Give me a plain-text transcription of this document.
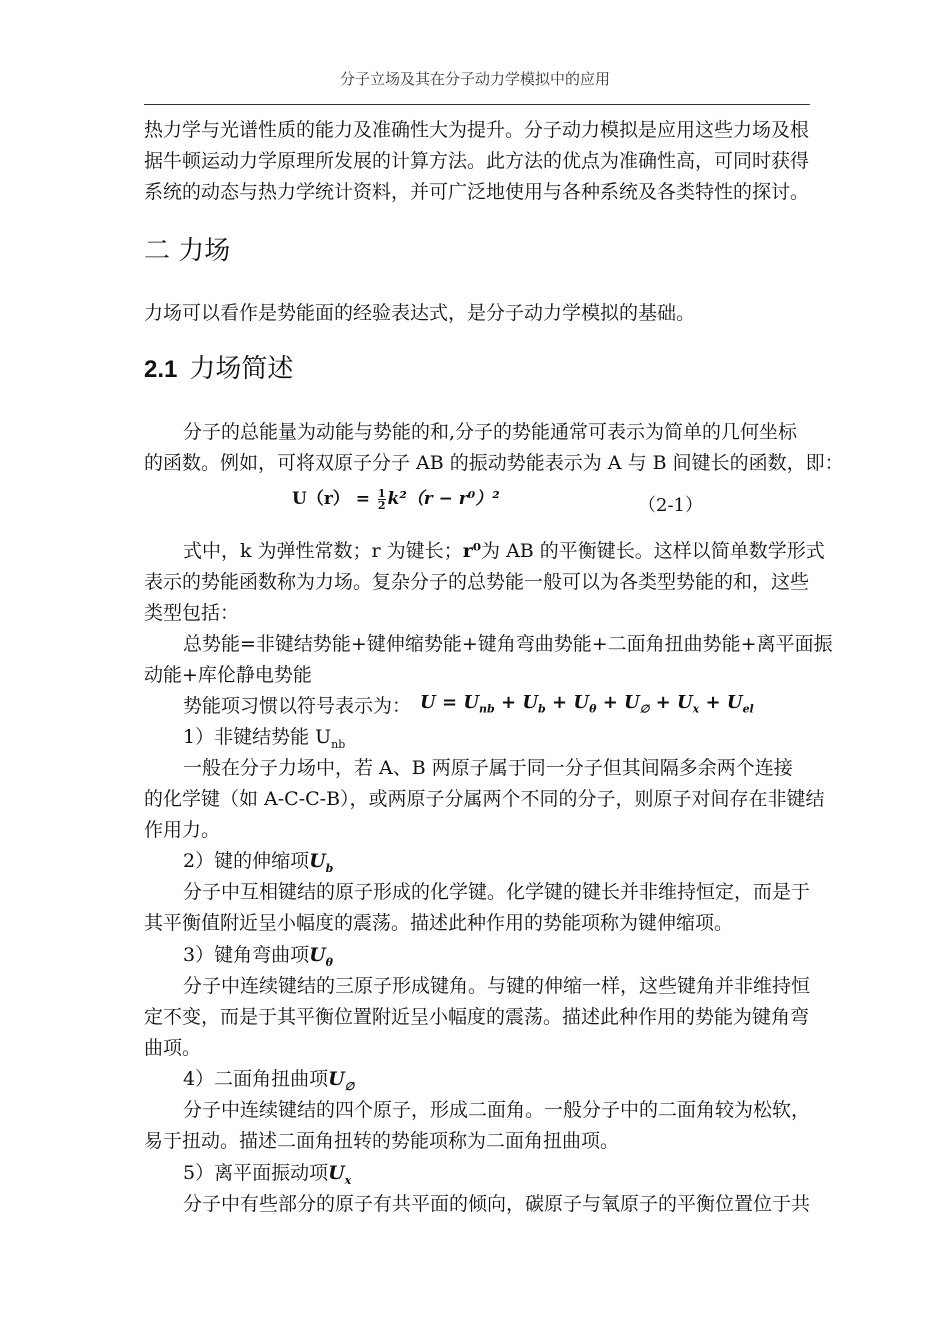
分子立场及其在分子动力学模拟中的应用
热力学与光谱性质的能力及准确性大为提升。分子动力模拟是应用这些力场及根
据牛顿运动力学原理所发展的计算方法。此方法的优点为准确性高，可同时获得
系统的动态与热力学统计资料，并可广泛地使用与各种系统及各类特性的探讨。
二 力场
力场可以看作是势能面的经验表达式，是分子动力学模拟的基础。
2.1 力场简述
分子的总能量为动能与势能的和,分子的势能通常可表示为简单的几何坐标
的函数。例如，可将双原子分子 AB 的振动势能表示为 A 与 B 间键长的函数，即：
$U(r) = \frac{1}{2} k^2(r - r^0)^2$	（2-1）
式中，k 为弹性常数；r 为键长；r⁰为 AB 的平衡键长。这样以简单数学形式
表示的势能函数称为力场。复杂分子的总势能一般可以为各类型势能的和，这些
类型包括：
总势能=非键结势能+键伸缩势能+键角弯曲势能+二面角扭曲势能+离平面振
动能+库伦静电势能
势能项习惯以符号表示为： $U = U_{nb} + U_b + U_\theta + U_\emptyset + U_x + U_{el}$
1）非键结势能 $U_{nb}$
一般在分子力场中，若 A、B 两原子属于同一分子但其间隔多余两个连接
的化学键（如 A-C-C-B），或两原子分属两个不同的分子，则原子对间存在非键结
作用力。
2）键的伸缩项$U_b$
分子中互相键结的原子形成的化学键。化学键的键长并非维持恒定，而是于
其平衡值附近呈小幅度的震荡。描述此种作用的势能项称为键伸缩项。
3）键角弯曲项$U_\theta$
分子中连续键结的三原子形成键角。与键的伸缩一样，这些键角并非维持恒
定不变，而是于其平衡位置附近呈小幅度的震荡。描述此种作用的势能为键角弯
曲项。
4）二面角扭曲项$U_\emptyset$
分子中连续键结的四个原子，形成二面角。一般分子中的二面角较为松软，
易于扭动。描述二面角扭转的势能项称为二面角扭曲项。
5）离平面振动项$U_x$
分子中有些部分的原子有共平面的倾向，碳原子与氧原子的平衡位置位于共
